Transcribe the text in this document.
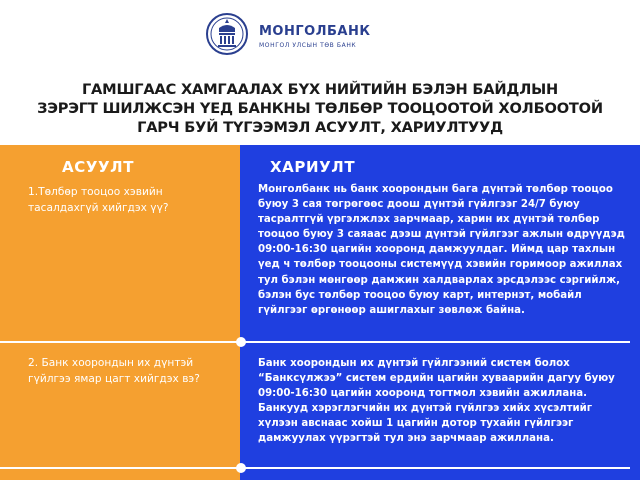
МОНГОЛБАНК
МОНГОЛ УЛСЫН ТӨВ БАНК
ГАМШГААС ХАМГААЛАХ БҮХ НИЙТИЙН БЭЛЭН БАЙДЛЫН
ЗЭРЭГТ ШИЛЖСЭН ҮЕД БАНКНЫ ТӨЛБӨР ТООЦООТОЙ ХОЛБООТОЙ
ГАРЧ БУЙ ТҮГЭЭМЭЛ АСУУЛТ, ХАРИУЛТУУД
АСУУЛТ	ХАРИУЛТ
1.Төлбөр тооцоо хэвийн тасалдахгүй хийгдэх үү?
Монголбанк нь банк хоорондын бага дүнтэй төлбөр тооцоо буюу 3 сая төгрөгөөс доош дүнтэй гүйлгээг 24/7 буюу тасралтгүй үргэлжлэх зарчмаар, харин их дүнтэй төлбөр тооцоо буюу 3 саяаас дээш дүнтэй гүйлгээг ажлын өдрүүдэд 09:00-16:30 цагийн хооронд дамжуулдаг. Иймд цар тахлын үед ч төлбөр тооцооны системүүд хэвийн горимоор ажиллах тул бэлэн мөнгөөр дамжин халдварлах эрсдэлээс сэргийлж, бэлэн бус төлбөр тооцоо буюу карт, интернэт, мобайл гүйлгээг өргөнөөр ашиглахыг зөвлөж байна.
2. Банк хоорондын их дүнтэй гүйлгээ ямар цагт хийгдэх вэ?
Банк хоорондын их дүнтэй гүйлгээний систем болох “Банксүлжээ” систем ердийн цагийн хуваарийн дагуу буюу 09:00-16:30 цагийн хооронд тогтмол хэвийн ажиллана. Банкууд хэрэглэгчийн их дүнтэй гүйлгээ хийх хүсэлтийг хүлээн авснаас хойш 1 цагийн дотор тухайн гүйлгээг дамжуулах үүрэгтэй тул энэ зарчмаар ажиллана.
